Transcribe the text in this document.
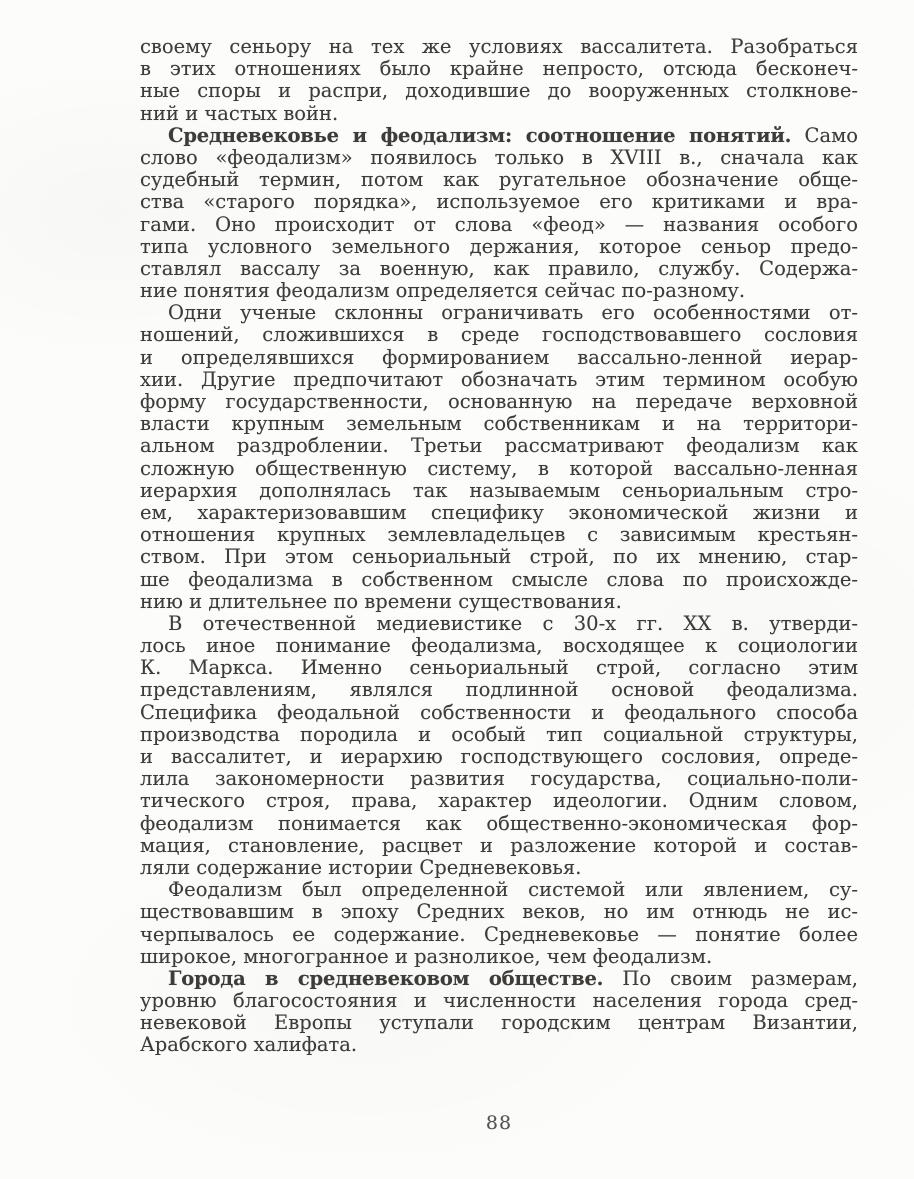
своему сеньору на тех же условиях вассалитета. Разобраться
в этих отношениях было крайне непросто, отсюда бесконеч-
ные споры и распри, доходившие до вооруженных столкнове-
ний и частых войн.
Средневековье и феодализм: соотношение понятий. Само
слово «феодализм» появилось только в XVIII в., сначала как
судебный термин, потом как ругательное обозначение обще-
ства «старого порядка», используемое его критиками и вра-
гами. Оно происходит от слова «феод» — названия особого
типа условного земельного держания, которое сеньор предо-
ставлял вассалу за военную, как правило, службу. Содержа-
ние понятия феодализм определяется сейчас по-разному.
Одни ученые склонны ограничивать его особенностями от-
ношений, сложившихся в среде господствовавшего сословия
и определявшихся формированием вассально-ленной иерар-
хии. Другие предпочитают обозначать этим термином особую
форму государственности, основанную на передаче верховной
власти крупным земельным собственникам и на территори-
альном раздроблении. Третьи рассматривают феодализм как
сложную общественную систему, в которой вассально-ленная
иерархия дополнялась так называемым сеньориальным стро-
ем, характеризовавшим специфику экономической жизни и
отношения крупных землевладельцев с зависимым крестьян-
ством. При этом сеньориальный строй, по их мнению, стар-
ше феодализма в собственном смысле слова по происхожде-
нию и длительнее по времени существования.
В отечественной медиевистике с 30-х гг. XX в. утверди-
лось иное понимание феодализма, восходящее к социологии
К. Маркса. Именно сеньориальный строй, согласно этим
представлениям, являлся подлинной основой феодализма.
Специфика феодальной собственности и феодального способа
производства породила и особый тип социальной структуры,
и вассалитет, и иерархию господствующего сословия, опреде-
лила закономерности развития государства, социально-поли-
тического строя, права, характер идеологии. Одним словом,
феодализм понимается как общественно-экономическая фор-
мация, становление, расцвет и разложение которой и состав-
ляли содержание истории Средневековья.
Феодализм был определенной системой или явлением, су-
ществовавшим в эпоху Средних веков, но им отнюдь не ис-
черпывалось ее содержание. Средневековье — понятие более
широкое, многогранное и разноликое, чем феодализм.
Города в средневековом обществе. По своим размерам,
уровню благосостояния и численности населения города сред-
невековой Европы уступали городским центрам Византии,
Арабского халифата.
88
